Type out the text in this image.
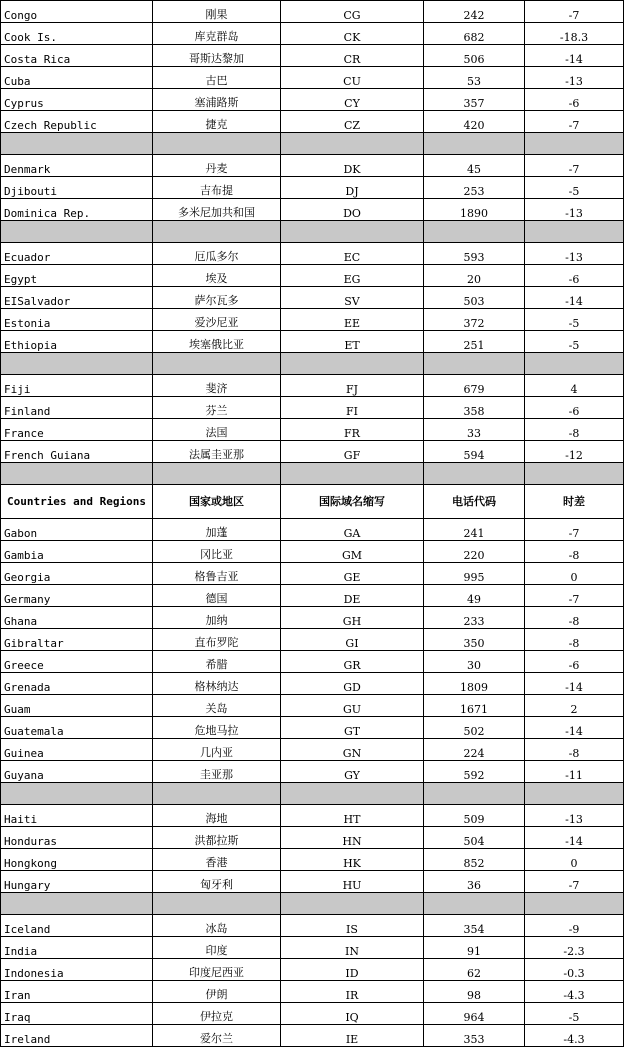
Congo	刚果	CG	242	-7
Cook Is.	库克群岛	CK	682	-18.3
Costa Rica	哥斯达黎加	CR	506	-14
Cuba	古巴	CU	53	-13
Cyprus	塞浦路斯	CY	357	-6
Czech Republic	捷克	CZ	420	-7

Denmark	丹麦	DK	45	-7
Djibouti	吉布提	DJ	253	-5
Dominica Rep.	多米尼加共和国	DO	1890	-13

Ecuador	厄瓜多尔	EC	593	-13
Egypt	埃及	EG	20	-6
EISalvador	萨尔瓦多	SV	503	-14
Estonia	爱沙尼亚	EE	372	-5
Ethiopia	埃塞俄比亚	ET	251	-5

Fiji	斐济	FJ	679	4
Finland	芬兰	FI	358	-6
France	法国	FR	33	-8
French Guiana	法属圭亚那	GF	594	-12

Countries and Regions	国家或地区	国际域名缩写	电话代码	时差
Gabon	加蓬	GA	241	-7
Gambia	冈比亚	GM	220	-8
Georgia	格鲁吉亚	GE	995	0
Germany	德国	DE	49	-7
Ghana	加纳	GH	233	-8
Gibraltar	直布罗陀	GI	350	-8
Greece	希腊	GR	30	-6
Grenada	格林纳达	GD	1809	-14
Guam	关岛	GU	1671	2
Guatemala	危地马拉	GT	502	-14
Guinea	几内亚	GN	224	-8
Guyana	圭亚那	GY	592	-11

Haiti	海地	HT	509	-13
Honduras	洪都拉斯	HN	504	-14
Hongkong	香港	HK	852	0
Hungary	匈牙利	HU	36	-7

Iceland	冰岛	IS	354	-9
India	印度	IN	91	-2.3
Indonesia	印度尼西亚	ID	62	-0.3
Iran	伊朗	IR	98	-4.3
Iraq	伊拉克	IQ	964	-5
Ireland	爱尔兰	IE	353	-4.3
